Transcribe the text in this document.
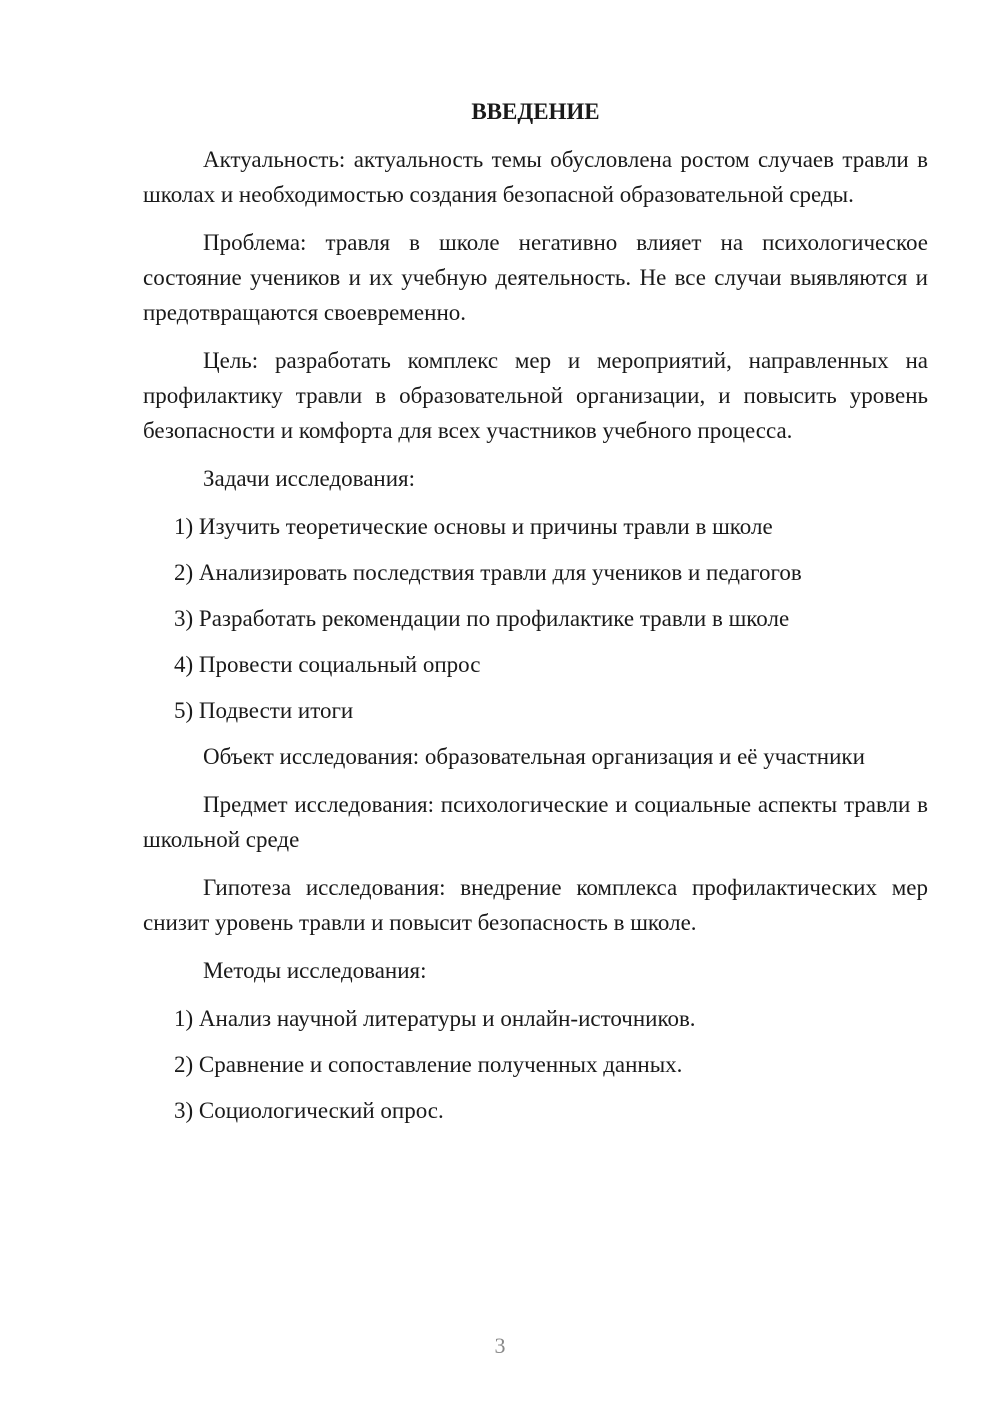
ВВЕДЕНИЕ

Актуальность: актуальность темы обусловлена ростом случаев травли в школах и необходимостью создания безопасной образовательной среды.

Проблема: травля в школе негативно влияет на психологическое состояние учеников и их учебную деятельность. Не все случаи выявляются и предотвращаются своевременно.

Цель: разработать комплекс мер и мероприятий, направленных на профилактику травли в образовательной организации, и повысить уровень безопасности и комфорта для всех участников учебного процесса.

Задачи исследования:

1) Изучить теоретические основы и причины травли в школе
2) Анализировать последствия травли для учеников и педагогов
3) Разработать рекомендации по профилактике травли в школе
4) Провести социальный опрос
5) Подвести итоги

Объект исследования: образовательная организация и её участники

Предмет исследования: психологические и социальные аспекты травли в школьной среде

Гипотеза исследования: внедрение комплекса профилактических мер снизит уровень травли и повысит безопасность в школе.

Методы исследования:

1) Анализ научной литературы и онлайн-источников.
2) Сравнение и сопоставление полученных данных.
3) Социологический опрос.
3
